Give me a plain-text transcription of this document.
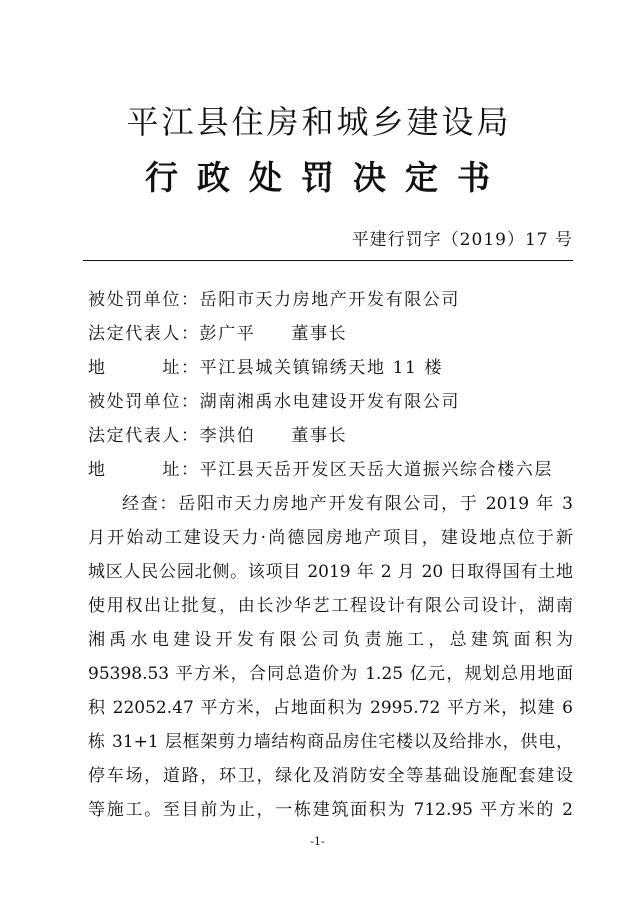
平江县住房和城乡建设局
行政处罚决定书
平建行罚字（2019）17 号
被处罚单位：岳阳市天力房地产开发有限公司
法定代表人：彭广平 董事长
地　　　址：平江县城关镇锦绣天地 11 楼
被处罚单位：湖南湘禹水电建设开发有限公司
法定代表人：李洪伯 董事长
地　　　址：平江县天岳开发区天岳大道振兴综合楼六层
经查：岳阳市天力房地产开发有限公司，于 2019 年 3
月开始动工建设天力·尚德园房地产项目，建设地点位于新
城区人民公园北侧。该项目 2019 年 2 月 20 日取得国有土地
使用权出让批复，由长沙华艺工程设计有限公司设计，湖南
湘禹水电建设开发有限公司负责施工，总建筑面积为
95398.53 平方米，合同总造价为 1.25 亿元，规划总用地面
积 22052.47 平方米，占地面积为 2995.72 平方米，拟建 6
栋 31+1 层框架剪力墙结构商品房住宅楼以及给排水，供电，
停车场，道路，环卫，绿化及消防安全等基础设施配套建设
等施工。至目前为止，一栋建筑面积为 712.95 平方米的 2
-1-
